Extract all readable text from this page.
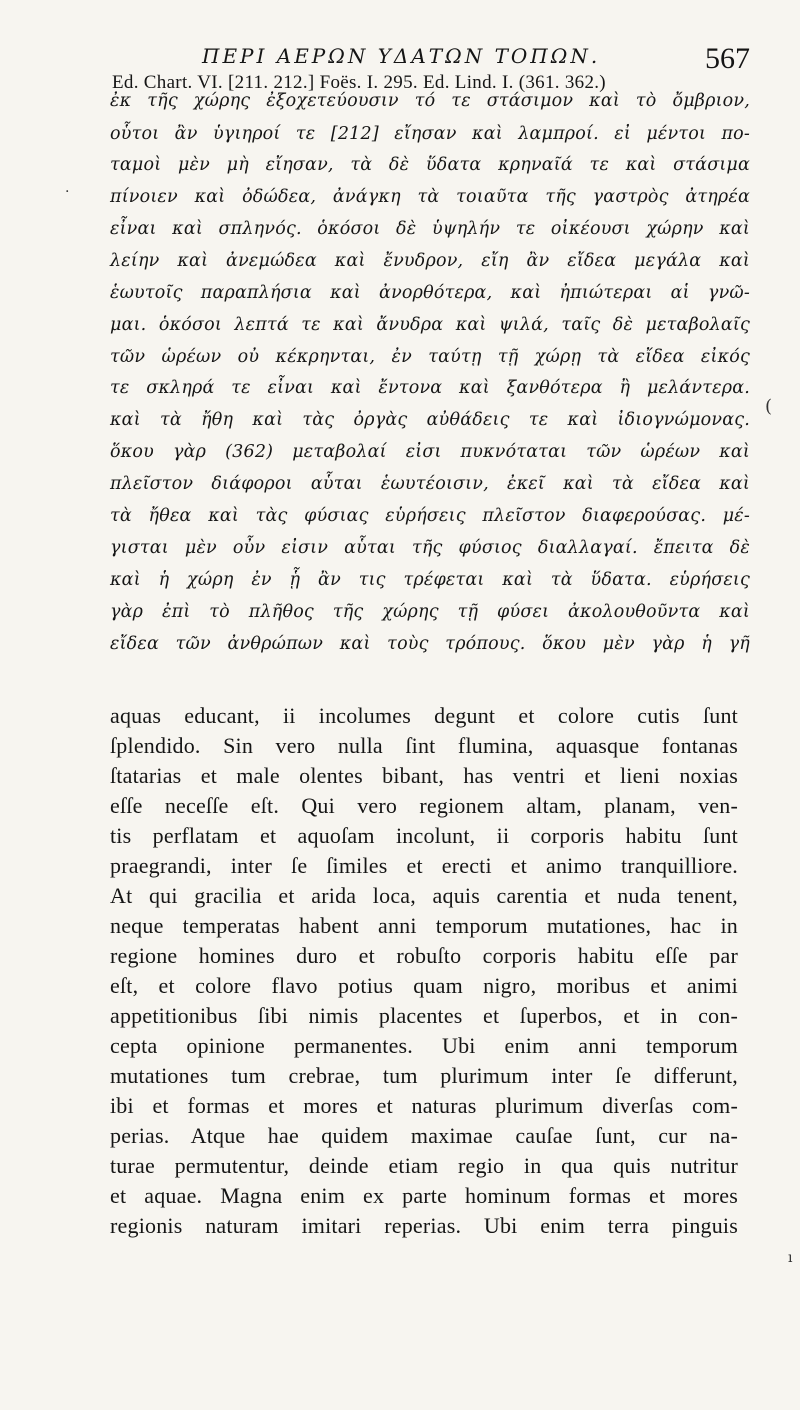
ΠΕΡΙ ΑΕΡΩΝ ΥΔΑΤΩΝ ΤΟΠΩΝ.	567
Ed. Chart. VI. [211. 212.] Foës. I. 295. Ed. Lind. I. (361. 362.)
ἐκ τῆς χώρης ἐξοχετεύουσιν τό τε στάσιμον καὶ τὸ ὄμβριον,
οὗτοι ἂν ὑγιηροί τε [212] εἴησαν καὶ λαμπροί. εἰ μέντοι πο-
ταμοὶ μὲν μὴ εἴησαν, τὰ δὲ ὕδατα κρηναῖά τε καὶ στάσιμα
πίνοιεν καὶ ὀδώδεα, ἀνάγκη τὰ τοιαῦτα τῆς γαστρὸς ἀτηρέα
εἶναι καὶ σπληνός. ὁκόσοι δὲ ὑψηλήν τε οἰκέουσι χώρην καὶ
λείην καὶ ἀνεμώδεα καὶ ἔνυδρον, εἴη ἂν εἴδεα μεγάλα καὶ
ἑωυτοῖς παραπλήσια καὶ ἀνορθότερα, καὶ ἠπιώτεραι αἱ γνῶ-
μαι. ὁκόσοι λεπτά τε καὶ ἄνυδρα καὶ ψιλά, ταῖς δὲ μεταβολαῖς
τῶν ὡρέων οὐ κέκρηνται, ἐν ταύτῃ τῇ χώρῃ τὰ εἴδεα εἰκός
τε σκληρά τε εἶναι καὶ ἔντονα καὶ ξανθότερα ἢ μελάντερα.
καὶ τὰ ἤθη καὶ τὰς ὀργὰς αὐθάδεις τε καὶ ἰδιογνώμονας.
ὅκου γὰρ (362) μεταβολαί εἰσι πυκνόταται τῶν ὡρέων καὶ
πλεῖστον διάφοροι αὗται ἑωυτέοισιν, ἐκεῖ καὶ τὰ εἴδεα καὶ
τὰ ἤθεα καὶ τὰς φύσιας εὑρήσεις πλεῖστον διαφερούσας. μέ-
γισται μὲν οὖν εἰσιν αὗται τῆς φύσιος διαλλαγαί. ἔπειτα δὲ
καὶ ἡ χώρη ἐν ᾗ ἂν τις τρέφεται καὶ τὰ ὕδατα. εὑρήσεις
γὰρ ἐπὶ τὸ πλῆθος τῆς χώρης τῇ φύσει ἀκολουθοῦντα καὶ
εἴδεα τῶν ἀνθρώπων καὶ τοὺς τρόπους. ὅκου μὲν γὰρ ἡ γῆ
aquas educant, ii incolumes degunt et colore cutis ſunt
ſplendido. Sin vero nulla ſint flumina, aquasque fontanas
ſtatarias et male olentes bibant, has ventri et lieni noxias
eſſe neceſſe eſt. Qui vero regionem altam, planam, ven-
tis perflatam et aquoſam incolunt, ii corporis habitu ſunt
praegrandi, inter ſe ſimiles et erecti et animo tranquilliore.
At qui gracilia et arida loca, aquis carentia et nuda tenent,
neque temperatas habent anni temporum mutationes, hac in
regione homines duro et robuſto corporis habitu eſſe par
eſt, et colore flavo potius quam nigro, moribus et animi
appetitionibus ſibi nimis placentes et ſuperbos, et in con-
cepta opinione permanentes. Ubi enim anni temporum
mutationes tum crebrae, tum plurimum inter ſe differunt,
ibi et formas et mores et naturas plurimum diverſas com-
perias. Atque hae quidem maximae cauſae ſunt, cur na-
turae permutentur, deinde etiam regio in qua quis nutritur
et aquae. Magna enim ex parte hominum formas et mores
regionis naturam imitari reperias. Ubi enim terra pinguis
.
(
ı
